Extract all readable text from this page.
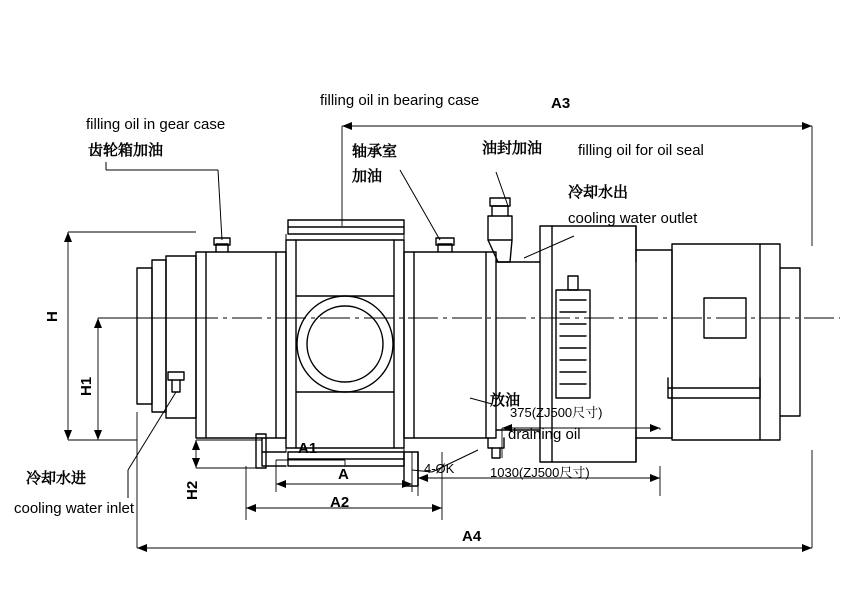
filling oil in bearing case	A3
filling oil in gear case
齿轮箱加油	轴承室
加油
油封加油 filling oil for oil seal
冷却水出
cooling water outlet
放油
draining oil
375(ZJ500尺寸)
1030(ZJ500尺寸)
4-ØK
冷却水进
cooling water inlet
H
H1
H2
A1
A
A2
A4
